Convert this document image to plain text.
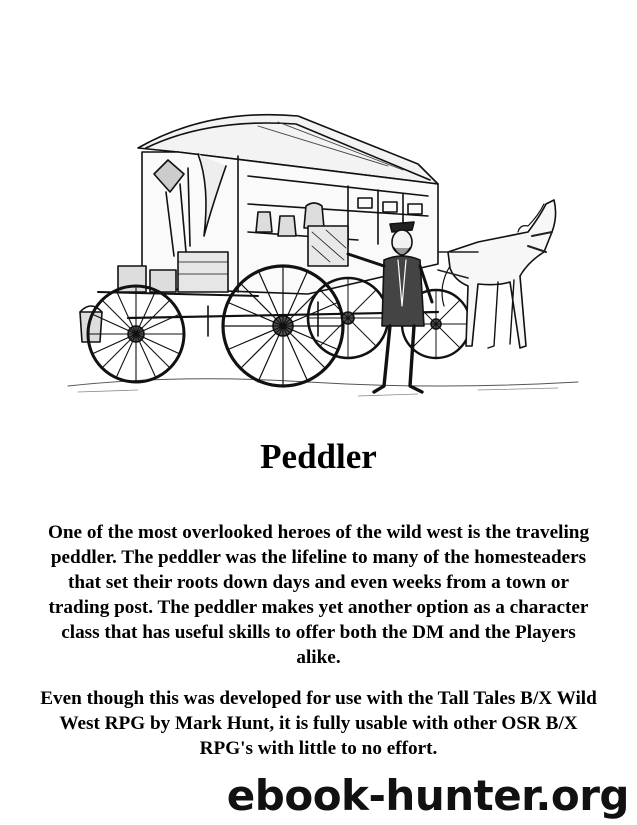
Peddler

One of the most overlooked heroes of the wild west is the traveling peddler. The peddler was the lifeline to many of the homesteaders that set their roots down days and even weeks from a town or trading post. The peddler makes yet another option as a character class that has useful skills to offer both the DM and the Players alike.

Even though this was developed for use with the Tall Tales B/X Wild West RPG by Mark Hunt, it is fully usable with other OSR B/X RPG's with little to no effort.

ebook-hunter.org
